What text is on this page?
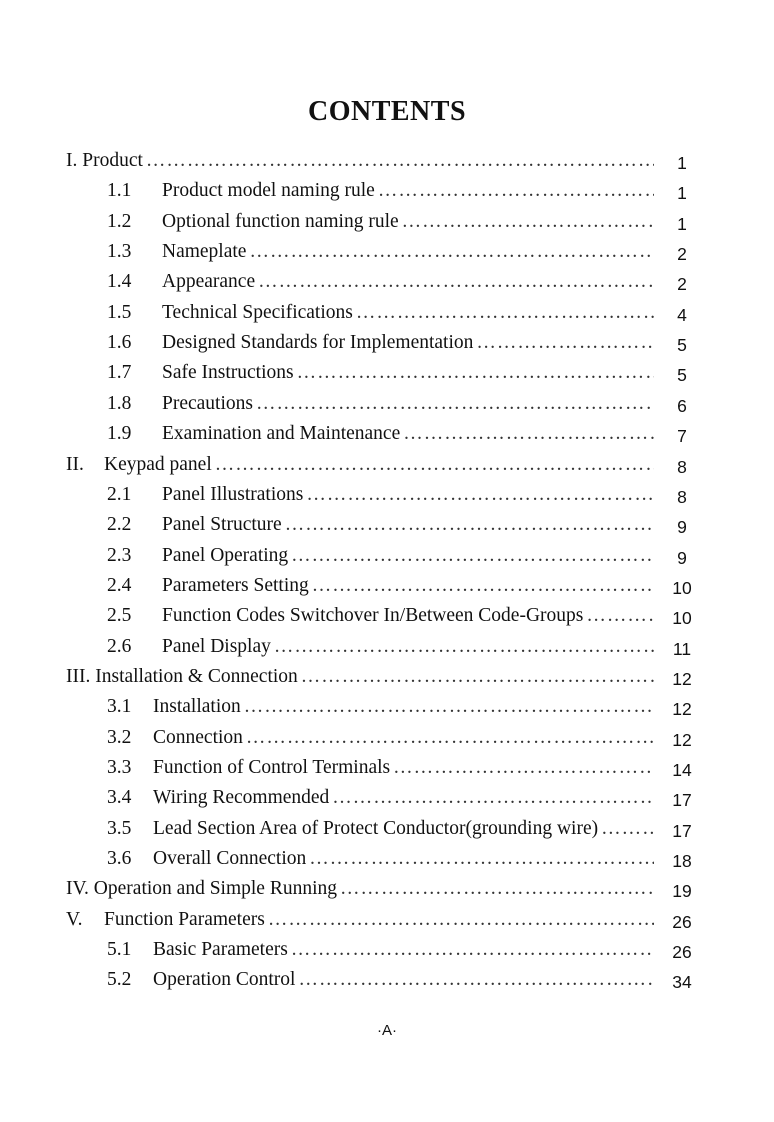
CONTENTS
I. Product …………………………………………………………………………………………………………………………………………………………	1
1.1 Product model naming rule …………………………………………………………………………………………………………………………………………………………	1
1.2 Optional function naming rule …………………………………………………………………………………………………………………………………………………………	1
1.3 Nameplate …………………………………………………………………………………………………………………………………………………………	2
1.4 Appearance …………………………………………………………………………………………………………………………………………………………	2
1.5 Technical Specifications …………………………………………………………………………………………………………………………………………………………	4
1.6 Designed Standards for Implementation …………………………………………………………………………………………………………………………………………………………	5
1.7 Safe Instructions …………………………………………………………………………………………………………………………………………………………	5
1.8 Precautions …………………………………………………………………………………………………………………………………………………………	6
1.9 Examination and Maintenance …………………………………………………………………………………………………………………………………………………………	7
II. Keypad panel …………………………………………………………………………………………………………………………………………………………	8
2.1 Panel Illustrations …………………………………………………………………………………………………………………………………………………………	8
2.2 Panel Structure …………………………………………………………………………………………………………………………………………………………	9
2.3 Panel Operating …………………………………………………………………………………………………………………………………………………………	9
2.4 Parameters Setting …………………………………………………………………………………………………………………………………………………………	10
2.5 Function Codes Switchover In/Between Code-Groups …………………………………………………………………………………………………………………………………………………………	10
2.6 Panel Display …………………………………………………………………………………………………………………………………………………………	11
III. Installation & Connection …………………………………………………………………………………………………………………………………………………………	12
3.1 Installation …………………………………………………………………………………………………………………………………………………………	12
3.2 Connection …………………………………………………………………………………………………………………………………………………………	12
3.3 Function of Control Terminals …………………………………………………………………………………………………………………………………………………………	14
3.4 Wiring Recommended …………………………………………………………………………………………………………………………………………………………	17
3.5 Lead Section Area of Protect Conductor(grounding wire) …………………………………………………………………………………………………………………………………………………………	17
3.6 Overall Connection …………………………………………………………………………………………………………………………………………………………	18
IV. Operation and Simple Running …………………………………………………………………………………………………………………………………………………………	19
V. Function Parameters …………………………………………………………………………………………………………………………………………………………	26
5.1 Basic Parameters …………………………………………………………………………………………………………………………………………………………	26
5.2 Operation Control …………………………………………………………………………………………………………………………………………………………	34
·A·
